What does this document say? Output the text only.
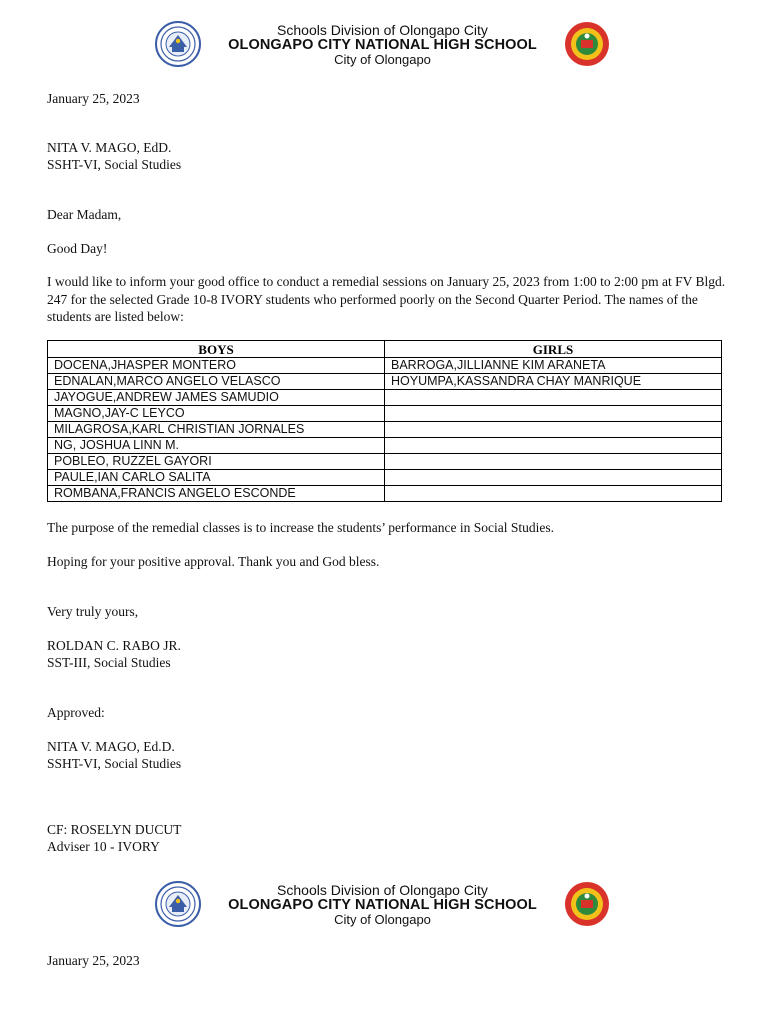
Schools Division of Olongapo City
OLONGAPO CITY NATIONAL HIGH SCHOOL
City of Olongapo
January 25, 2023
NITA V. MAGO, EdD.
SSHT-VI, Social Studies
Dear Madam,
Good Day!
I would like to inform your good office to conduct a remedial sessions on January 25, 2023 from 1:00 to 2:00 pm at FV Blgd. 247 for the selected Grade 10-8 IVORY students who performed poorly on the Second Quarter Period. The names of the students are listed below:
BOYS	GIRLS
DOCENA,JHASPER MONTERO	BARROGA,JILLIANNE KIM ARANETA
EDNALAN,MARCO ANGELO VELASCO	HOYUMPA,KASSANDRA CHAY MANRIQUE
JAYOGUE,ANDREW JAMES SAMUDIO	
MAGNO,JAY-C LEYCO	
MILAGROSA,KARL CHRISTIAN JORNALES	
NG, JOSHUA LINN M.	
POBLEO, RUZZEL GAYORI	
PAULE,IAN CARLO SALITA	
ROMBANA,FRANCIS ANGELO ESCONDE	
The purpose of the remedial classes is to increase the students’ performance in Social Studies.
Hoping for your positive approval. Thank you and God bless.
Very truly yours,
ROLDAN C. RABO JR.
SST-III, Social Studies
Approved:
NITA V. MAGO, Ed.D.
SSHT-VI, Social Studies
CF: ROSELYN DUCUT
Adviser 10 - IVORY
Schools Division of Olongapo City
OLONGAPO CITY NATIONAL HIGH SCHOOL
City of Olongapo
January 25, 2023
